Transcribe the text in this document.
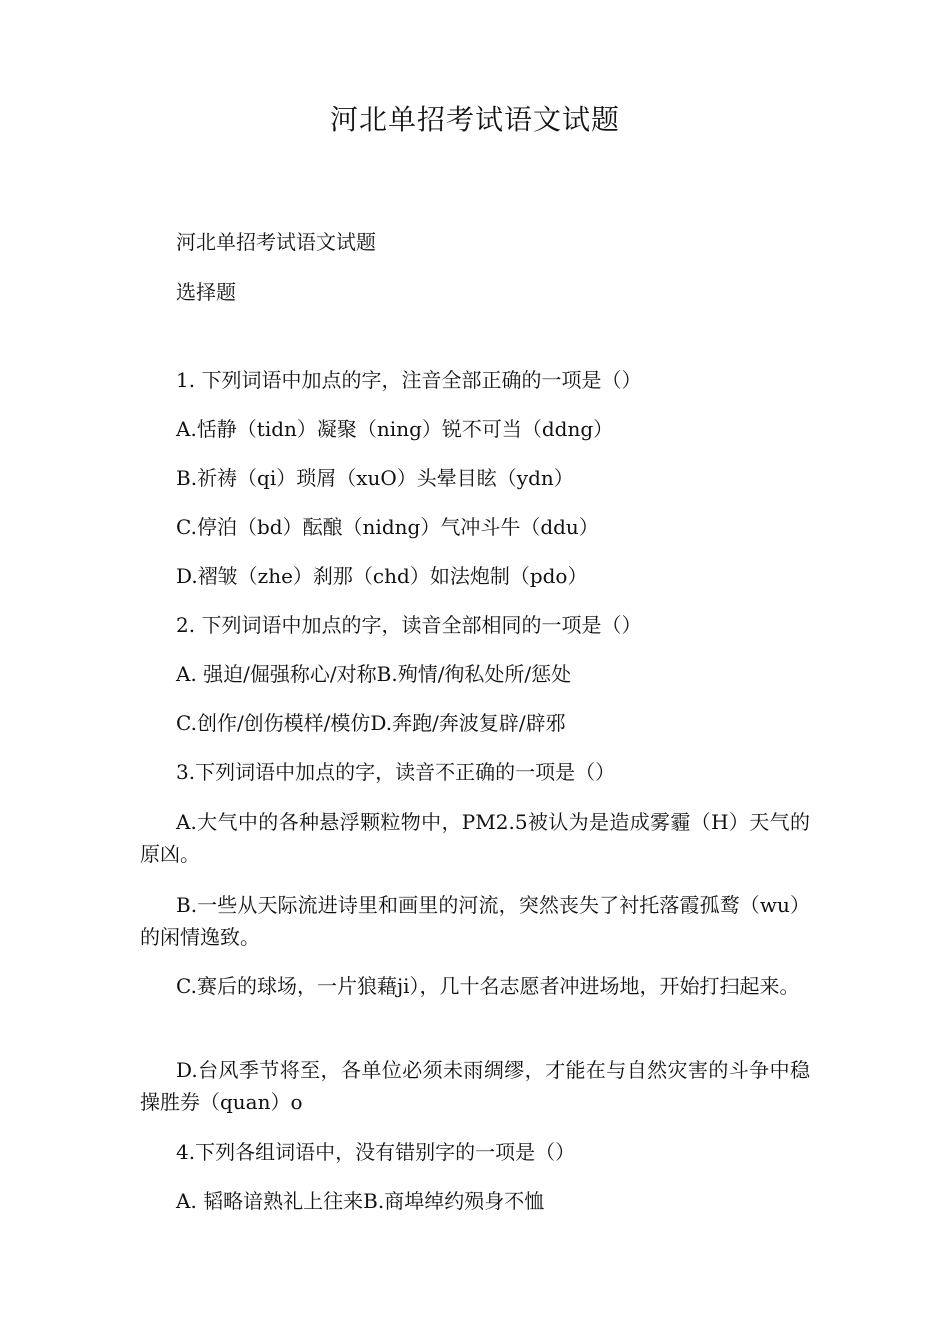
河北单招考试语文试题
河北单招考试语文试题
选择题
1. 下列词语中加点的字，注音全部正确的一项是（）
A.恬静（tidn）凝聚（ning）锐不可当（ddng）
B.祈祷（qi）琐屑（xuO）头晕目眩（ydn）
C.停泊（bd）酝酿（nidng）气冲斗牛（ddu）
D.褶皱（zhe）刹那（chd）如法炮制（pdo）
2. 下列词语中加点的字，读音全部相同的一项是（）
A. 强迫/倔强称心/对称B.殉情/徇私处所/惩处
C.创作/创伤模样/模仿D.奔跑/奔波复辟/辟邪
3.下列词语中加点的字，读音不正确的一项是（）
A.大气中的各种悬浮颗粒物中，PM2.5被认为是造成雾霾（H）天气的原凶。
B.一些从天际流进诗里和画里的河流，突然丧失了衬托落霞孤鹜（wu）的闲情逸致。
C.赛后的球场，一片狼藉ji），几十名志愿者冲进场地，开始打扫起来。
D.台风季节将至，各单位必须未雨绸缪，才能在与自然灾害的斗争中稳操胜券（quan）o
4.下列各组词语中，没有错别字的一项是（）
A. 韬略谙熟礼上往来B.商埠绰约殒身不恤
